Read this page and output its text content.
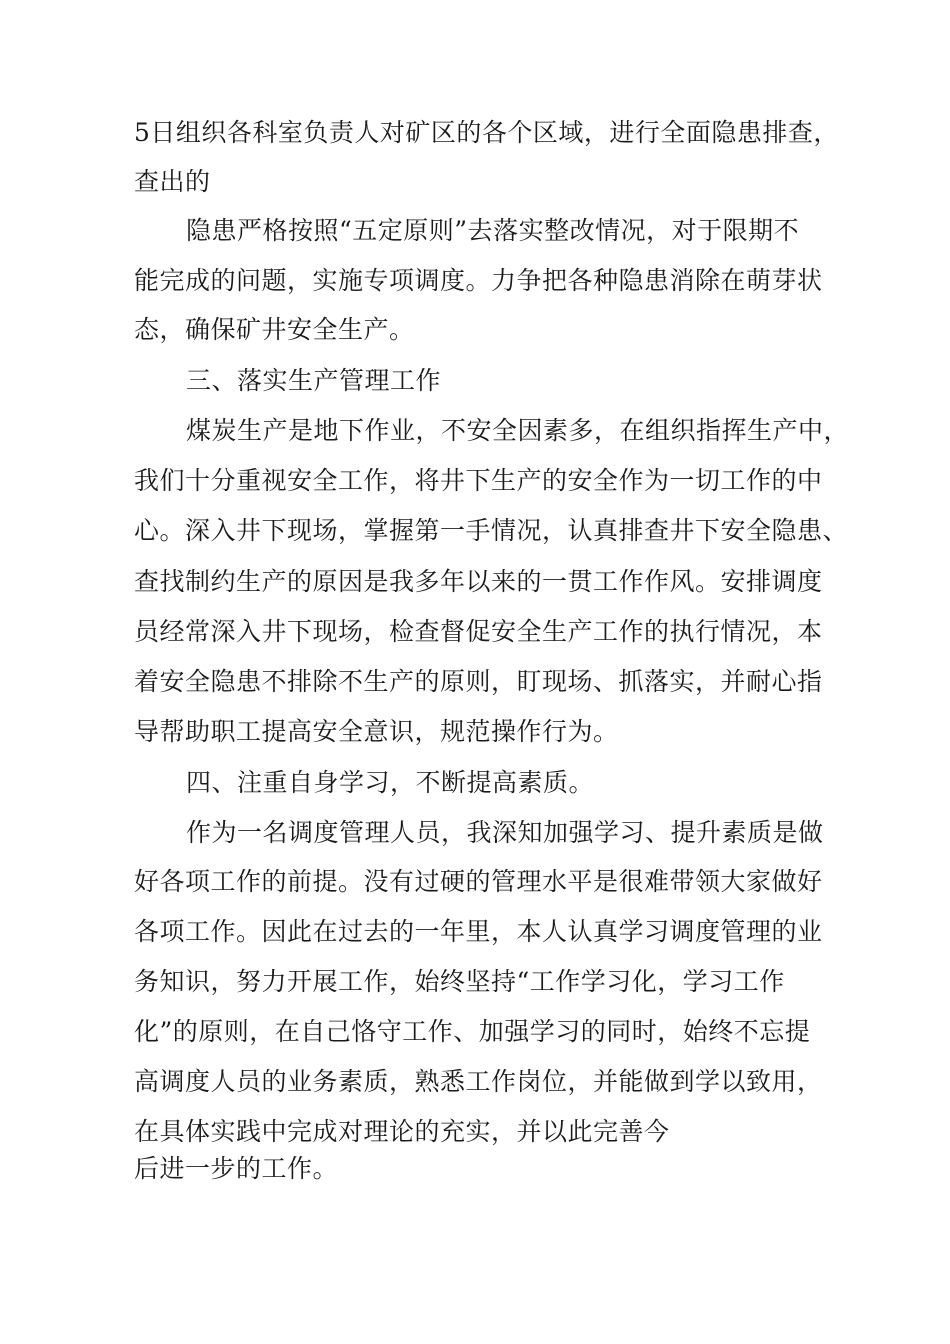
5日组织各科室负责人对矿区的各个区域，进行全面隐患排查，

查出的

隐患严格按照“五定原则”去落实整改情况，对于限期不

能完成的问题，实施专项调度。力争把各种隐患消除在萌芽状

态，确保矿井安全生产。

三、落实生产管理工作

煤炭生产是地下作业，不安全因素多，在组织指挥生产中，

我们十分重视安全工作，将井下生产的安全作为一切工作的中

心。深入井下现场，掌握第一手情况，认真排查井下安全隐患、

查找制约生产的原因是我多年以来的一贯工作作风。安排调度

员经常深入井下现场，检查督促安全生产工作的执行情况，本

着安全隐患不排除不生产的原则，盯现场、抓落实，并耐心指

导帮助职工提高安全意识，规范操作行为。

四、注重自身学习，不断提高素质。

作为一名调度管理人员，我深知加强学习、提升素质是做

好各项工作的前提。没有过硬的管理水平是很难带领大家做好

各项工作。因此在过去的一年里，本人认真学习调度管理的业

务知识，努力开展工作，始终坚持“工作学习化，学习工作

化”的原则，在自己恪守工作、加强学习的同时，始终不忘提

高调度人员的业务素质，熟悉工作岗位，并能做到学以致用，

在具体实践中完成对理论的充实，并以此完善今

后进一步的工作。
